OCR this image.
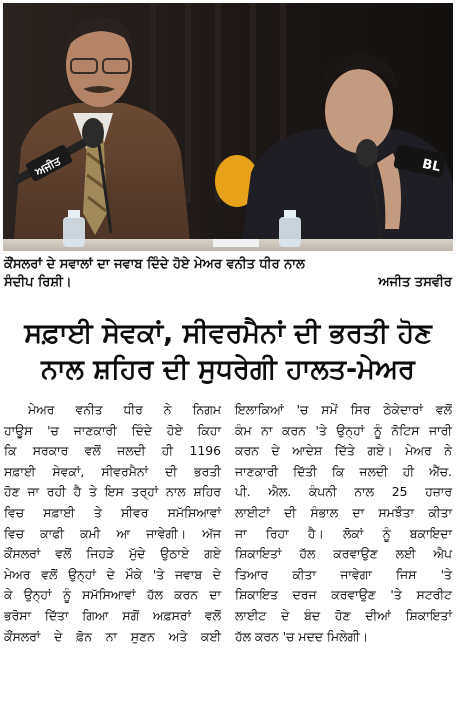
ਅਜੀਤ	BL
ਕੌਂਸਲਰਾਂ ਦੇ ਸਵਾਲਾਂ ਦਾ ਜਵਾਬ ਦਿੰਦੇ ਹੋਏ ਮੇਅਰ ਵਨੀਤ ਧੀਰ ਨਾਲ
ਸੰਦੀਪ ਰਿਸ਼ੀ।	ਅਜੀਤ ਤਸਵੀਰ
ਸਫ਼ਾਈ ਸੇਵਕਾਂ, ਸੀਵਰਮੈਨਾਂ ਦੀ ਭਰਤੀ ਹੋਣ
ਨਾਲ ਸ਼ਹਿਰ ਦੀ ਸੁਧਰੇਗੀ ਹਾਲਤ-ਮੇਅਰ
ਮੇਅਰ ਵਨੀਤ ਧੀਰ ਨੇ ਨਿਗਮ
ਹਾਊਸ 'ਚ ਜਾਣਕਾਰੀ ਦਿੰਦੇ ਹੋਏ ਕਿਹਾ
ਕਿ ਸਰਕਾਰ ਵਲੋਂ ਜਲਦੀ ਹੀ 1196
ਸਫ਼ਾਈ ਸੇਵਕਾਂ, ਸੀਵਰਮੈਨਾਂ ਦੀ ਭਰਤੀ
ਹੋਣ ਜਾ ਰਹੀ ਹੈ ਤੇ ਇਸ ਤਰ੍ਹਾਂ ਨਾਲ ਸ਼ਹਿਰ
ਵਿਚ ਸਫ਼ਾਈ ਤੇ ਸੀਵਰ ਸਮੱਸਿਆਵਾਂ
ਵਿਚ ਕਾਫੀ ਕਮੀ ਆ ਜਾਵੇਗੀ। ਅੱਜ
ਕੌਂਸਲਰਾਂ ਵਲੋਂ ਜਿਹੜੇ ਮੁੱਦੇ ਉਠਾਏ ਗਏ
ਮੇਅਰ ਵਲੋਂ ਉਨ੍ਹਾਂ ਦੇ ਮੌਕੇ 'ਤੇ ਜਵਾਬ ਦੇ
ਕੇ ਉਨ੍ਹਾਂ ਨੂੰ ਸਮੱਸਿਆਵਾਂ ਹੱਲ ਕਰਨ ਦਾ
ਭਰੋਸਾ ਦਿੱਤਾ ਗਿਆ ਸਗੋਂ ਅਫ਼ਸਰਾਂ ਵਲੋਂ
ਕੌਂਸਲਰਾਂ ਦੇ ਫ਼ੋਨ ਨਾ ਸੁਣਨ ਅਤੇ ਕਈ
ਇਲਾਕਿਆਂ 'ਚ ਸਮੇਂ ਸਿਰ ਠੇਕੇਦਾਰਾਂ ਵਲੋਂ
ਕੰਮ ਨਾ ਕਰਨ 'ਤੇ ਉਨ੍ਹਾਂ ਨੂੰ ਨੋਟਿਸ ਜਾਰੀ
ਕਰਨ ਦੇ ਆਦੇਸ਼ ਦਿੱਤੇ ਗਏ। ਮੇਅਰ ਨੇ
ਜਾਣਕਾਰੀ ਦਿੱਤੀ ਕਿ ਜਲਦੀ ਹੀ ਐੱਚ.
ਪੀ. ਐਲ. ਕੰਪਨੀ ਨਾਲ 25 ਹਜ਼ਾਰ
ਲਾਈਟਾਂ ਦੀ ਸੰਭਾਲ ਦਾ ਸਮਝੌਤਾ ਕੀਤਾ
ਜਾ ਰਿਹਾ ਹੈ। ਲੋਕਾਂ ਨੂੰ ਬਕਾਇਦਾ
ਸ਼ਿਕਾਇਤਾਂ ਹੱਲ ਕਰਵਾਉਣ ਲਈ ਐਪ
ਤਿਆਰ ਕੀਤਾ ਜਾਵੇਗਾ ਜਿਸ 'ਤੇ
ਸ਼ਿਕਾਇਤ ਦਰਜ ਕਰਵਾਉਣ 'ਤੇ ਸਟਰੀਟ
ਲਾਈਟ ਦੇ ਬੰਦ ਹੋਣ ਦੀਆਂ ਸ਼ਿਕਾਇਤਾਂ
ਹੱਲ ਕਰਨ 'ਚ ਮਦਦ ਮਿਲੇਗੀ।
